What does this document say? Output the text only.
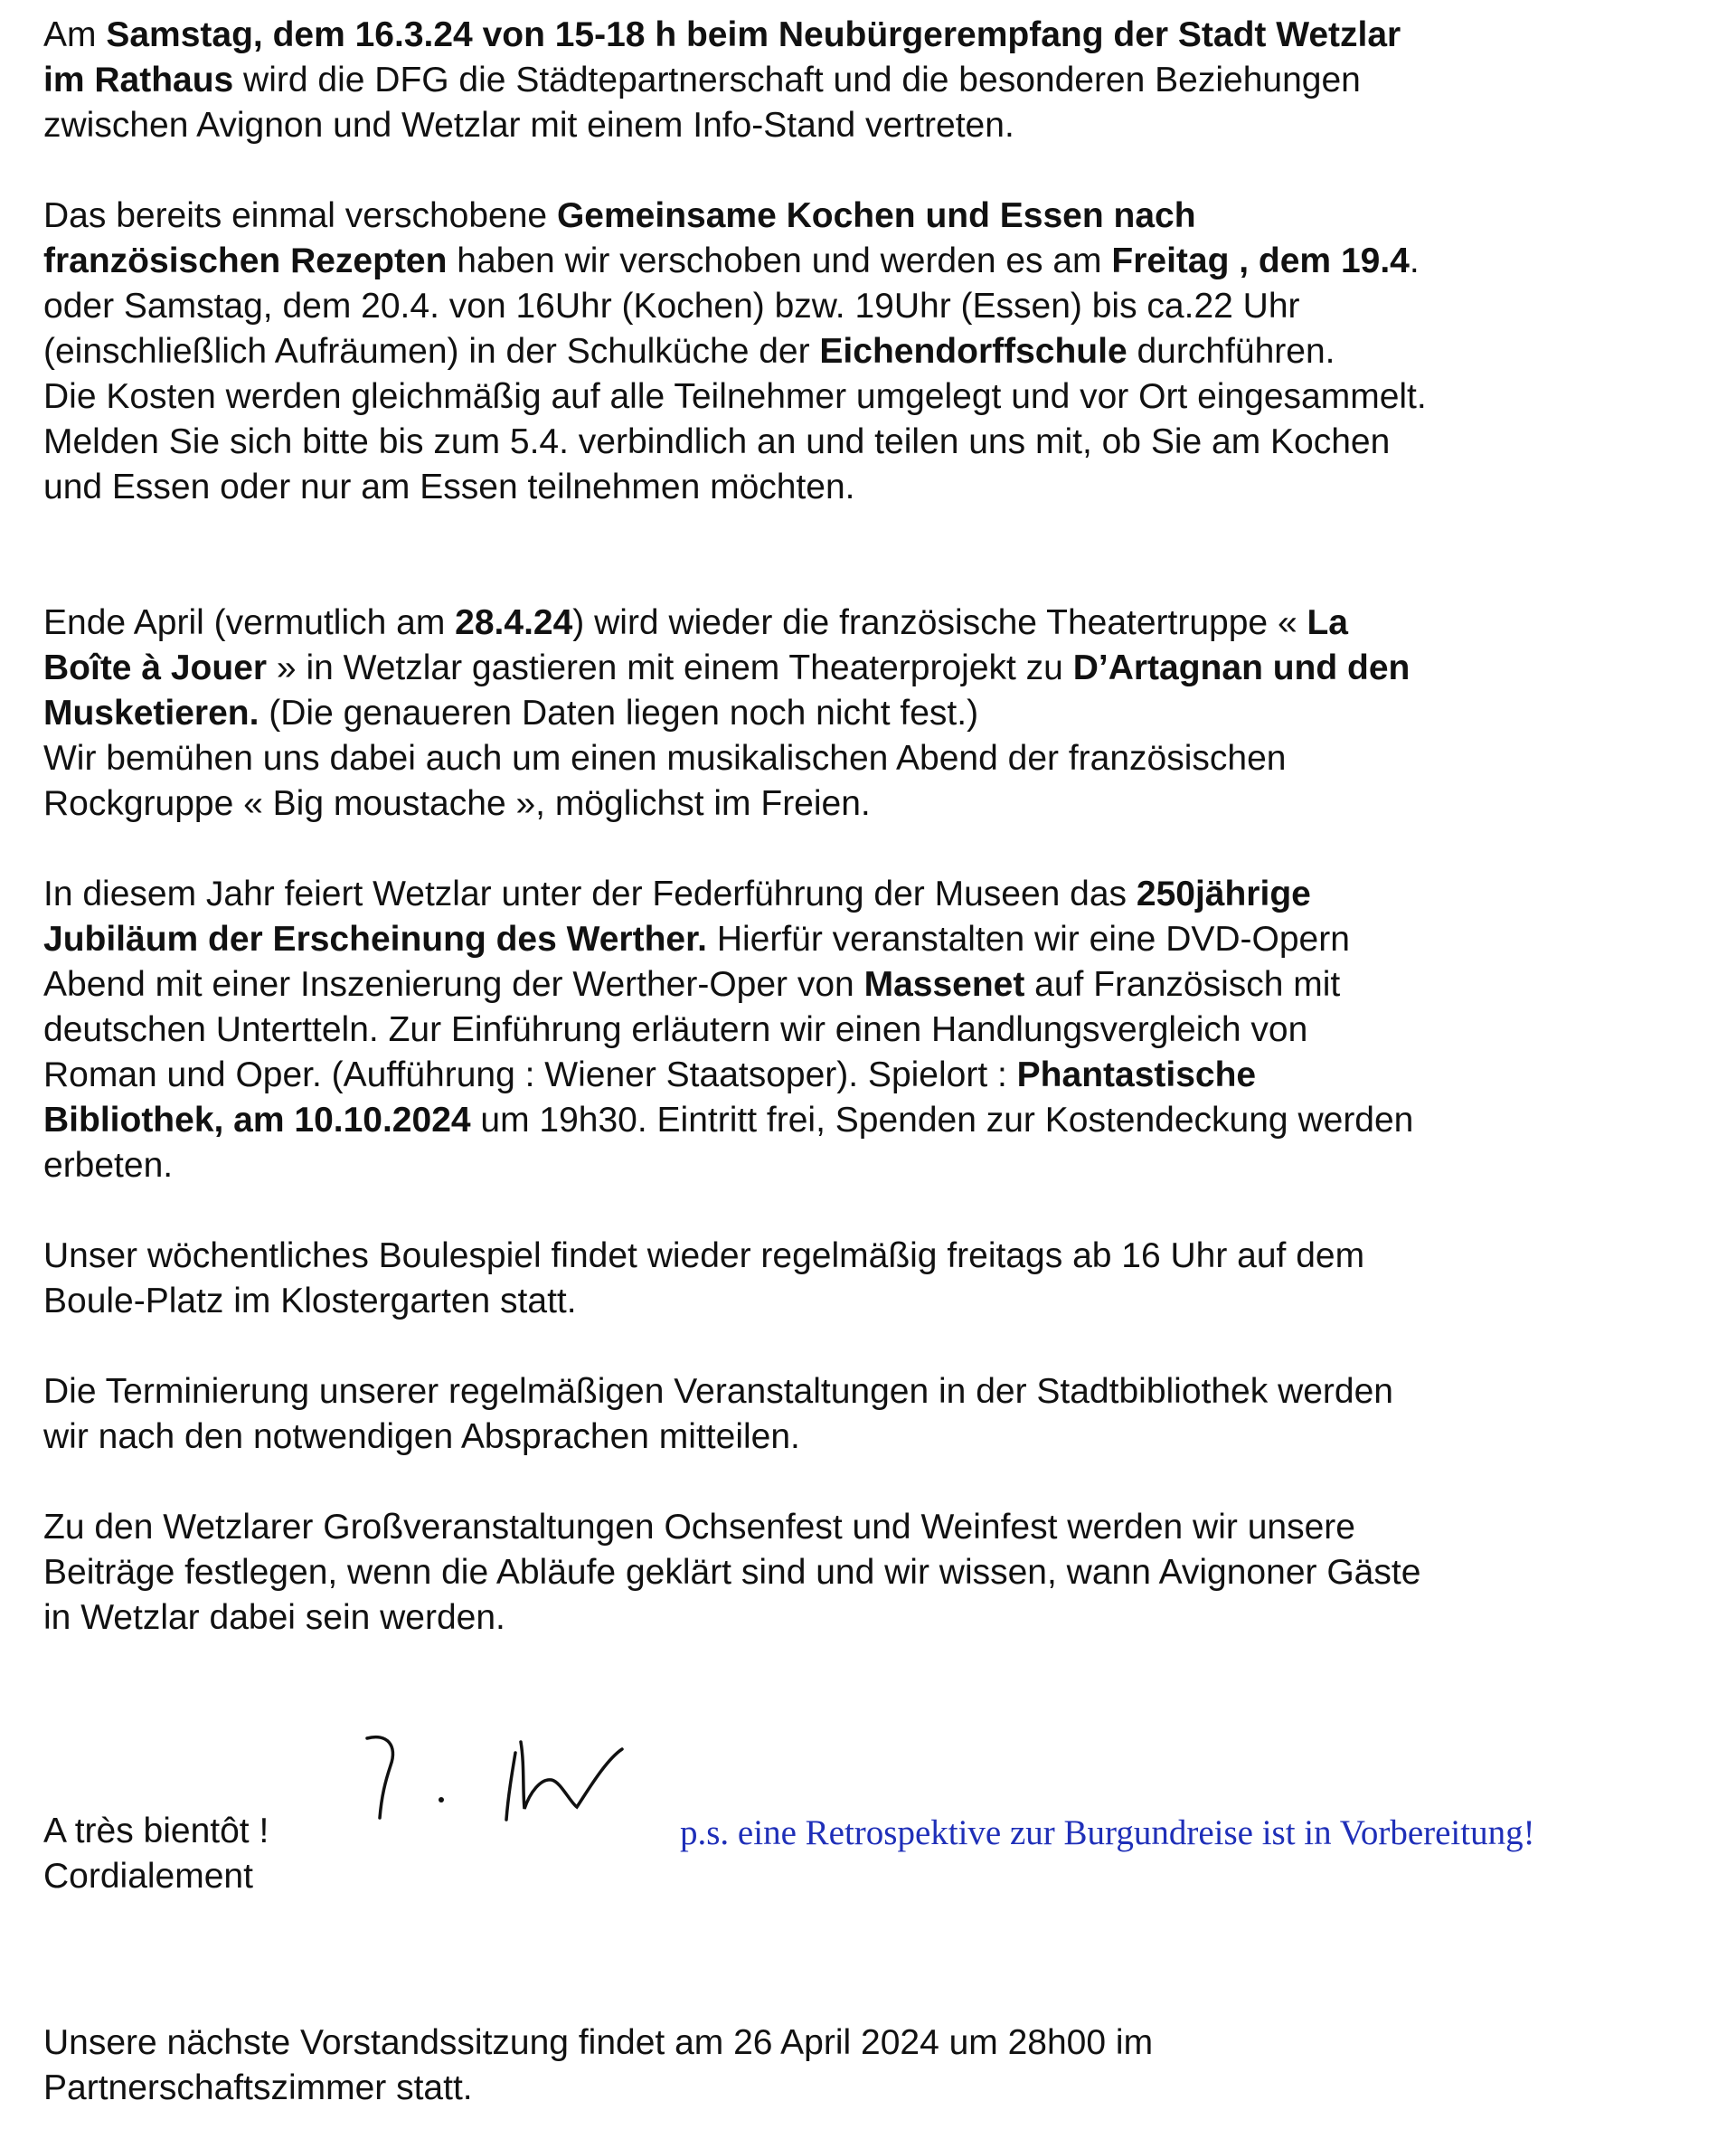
Am Samstag, dem 16.3.24 von 15-18 h beim Neubürgerempfang der Stadt Wetzlar
im Rathaus wird die DFG die Städtepartnerschaft und die besonderen Beziehungen
zwischen Avignon und Wetzlar mit einem Info-Stand vertreten.
Das bereits einmal verschobene Gemeinsame Kochen und Essen nach
französischen Rezepten haben wir verschoben und werden es am Freitag , dem 19.4.
oder Samstag, dem 20.4. von 16Uhr (Kochen) bzw. 19Uhr (Essen) bis ca.22 Uhr
(einschließlich Aufräumen) in der Schulküche der Eichendorffschule durchführen.
Die Kosten werden gleichmäßig auf alle Teilnehmer umgelegt und vor Ort eingesammelt.
Melden Sie sich bitte bis zum 5.4. verbindlich an und teilen uns mit, ob Sie am Kochen
und Essen oder nur am Essen teilnehmen möchten.
Ende April (vermutlich am 28.4.24) wird wieder die französische Theatertruppe « La
Boîte à Jouer » in Wetzlar gastieren mit einem Theaterprojekt zu D’Artagnan und den
Musketieren. (Die genaueren Daten liegen noch nicht fest.)
Wir bemühen uns dabei auch um einen musikalischen Abend der französischen
Rockgruppe « Big moustache », möglichst im Freien.
In diesem Jahr feiert Wetzlar unter der Federführung der Museen das 250jährige
Jubiläum der Erscheinung des Werther. Hierfür veranstalten wir eine DVD-Opern
Abend mit einer Inszenierung der Werther-Oper von Massenet auf Französisch mit
deutschen Untertteln. Zur Einführung erläutern wir einen Handlungsvergleich von
Roman und Oper. (Aufführung : Wiener Staatsoper). Spielort : Phantastische
Bibliothek, am 10.10.2024 um 19h30. Eintritt frei, Spenden zur Kostendeckung werden
erbeten.
Unser wöchentliches Boulespiel findet wieder regelmäßig freitags ab 16 Uhr auf dem
Boule-Platz im Klostergarten statt.
Die Terminierung unserer regelmäßigen Veranstaltungen in der Stadtbibliothek werden
wir nach den notwendigen Absprachen mitteilen.
Zu den Wetzlarer Großveranstaltungen Ochsenfest und Weinfest werden wir unsere
Beiträge festlegen, wenn die Abläufe geklärt sind und wir wissen, wann Avignoner Gäste
in Wetzlar dabei sein werden.
A très bientôt !
Cordialement
p.s. eine Retrospektive zur Burgundreise ist in Vorbereitung!
Unsere nächste Vorstandssitzung findet am 26 April 2024 um 28h00 im
Partnerschaftszimmer statt.
